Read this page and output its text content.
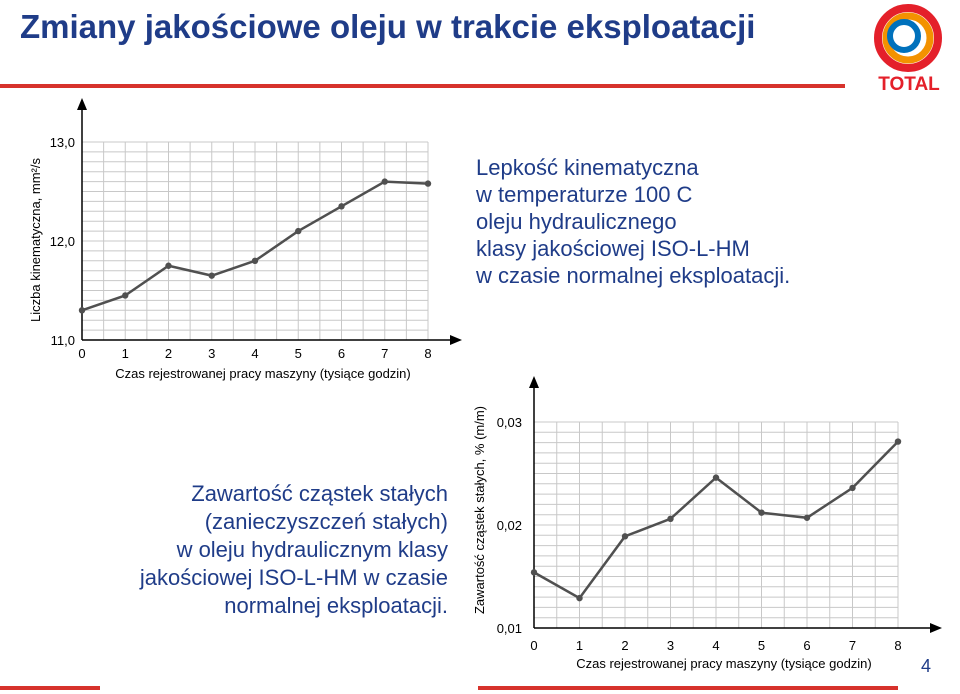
Zmiany jakościowe oleju w trakcie eksploatacji
TOTAL
11,0
12,0
13,0
0	1	2	3	4	5	6	7	8
Czas rejestrowanej pracy maszyny (tysiące godzin)
Liczba kinematyczna, mm²/s
0,01
0,02
0,03
0	1	2	3	4	5	6	7	8
Czas rejestrowanej pracy maszyny (tysiące godzin)
Zawartość cząstek stałych, % (m/m)
Lepkość kinematyczna
w temperaturze 100 C
oleju hydraulicznego
klasy jakościowej ISO-L-HM
w czasie normalnej eksploatacji.
Zawartość cząstek stałych
(zanieczyszczeń stałych)
w oleju hydraulicznym klasy
jakościowej ISO-L-HM w czasie
normalnej eksploatacji.
4
